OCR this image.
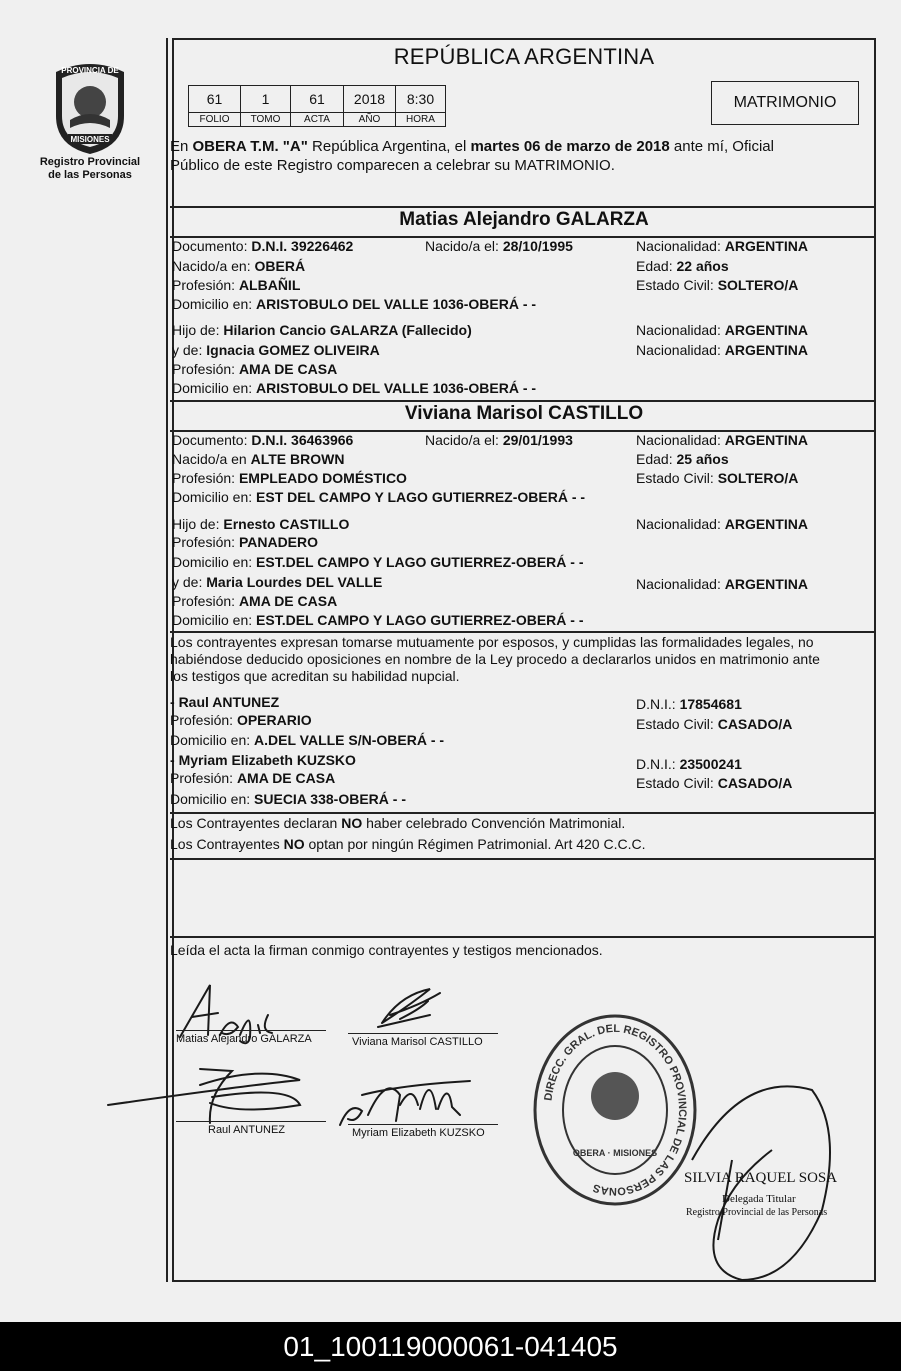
PROVINCIA DE
MISIONES
Registro Provincial
de las Personas
REPÚBLICA ARGENTINA
61	1	61	2018	8:30
FOLIO	TOMO	ACTA	AÑO	HORA
MATRIMONIO
En OBERA T.M. "A" República Argentina, el martes 06 de marzo de 2018 ante mí, Oficial
Público de este Registro comparecen a celebrar su MATRIMONIO.
Matias Alejandro GALARZA
Documento: D.N.I. 39226462	Nacido/a el: 28/10/1995	Nacionalidad: ARGENTINA
Nacido/a en: OBERÁ	Edad: 22 años
Profesión: ALBAÑIL	Estado Civil: SOLTERO/A
Domicilio en: ARISTOBULO DEL VALLE 1036-OBERÁ - -
Hijo de: Hilarion Cancio GALARZA (Fallecido)	Nacionalidad: ARGENTINA
y de: Ignacia GOMEZ OLIVEIRA	Nacionalidad: ARGENTINA
Profesión: AMA DE CASA
Domicilio en: ARISTOBULO DEL VALLE 1036-OBERÁ - -
Viviana Marisol CASTILLO
Documento: D.N.I. 36463966	Nacido/a el: 29/01/1993	Nacionalidad: ARGENTINA
Nacido/a en ALTE BROWN	Edad: 25 años
Profesión: EMPLEADO DOMÉSTICO	Estado Civil: SOLTERO/A
Domicilio en: EST DEL CAMPO Y LAGO GUTIERREZ-OBERÁ - -
Hijo de: Ernesto CASTILLO	Nacionalidad: ARGENTINA
Profesión: PANADERO
Domicilio en: EST.DEL CAMPO Y LAGO GUTIERREZ-OBERÁ - -
y de: Maria Lourdes DEL VALLE	Nacionalidad: ARGENTINA
Profesión: AMA DE CASA
Domicilio en: EST.DEL CAMPO Y LAGO GUTIERREZ-OBERÁ - -
Los contrayentes expresan tomarse mutuamente por esposos, y cumplidas las formalidades legales, no
habiéndose deducido oposiciones en nombre de la Ley procedo a declararlos unidos en matrimonio ante
los testigos que acreditan su habilidad nupcial.
- Raul ANTUNEZ	D.N.I.: 17854681
Profesión: OPERARIO	Estado Civil: CASADO/A
Domicilio en: A.DEL VALLE S/N-OBERÁ - -
- Myriam Elizabeth KUZSKO	D.N.I.: 23500241
Profesión: AMA DE CASA	Estado Civil: CASADO/A
Domicilio en: SUECIA 338-OBERÁ - -
Los Contrayentes declaran NO haber celebrado Convención Matrimonial.
Los Contrayentes NO optan por ningún Régimen Patrimonial. Art 420 C.C.C.
Leída el acta la firman conmigo contrayentes y testigos mencionados.
Matias Alejandro GALARZA	Viviana Marisol CASTILLO
Raul ANTUNEZ	Myriam Elizabeth KUZSKO
DIRECC. GRAL. DEL REGISTRO PROVINCIAL DE LAS PERSONAS
OBERA · MISIONES
SILVIA RAQUEL SOSA
Delegada Titular
Registro Provincial de las Personas
01_100119000061-041405
